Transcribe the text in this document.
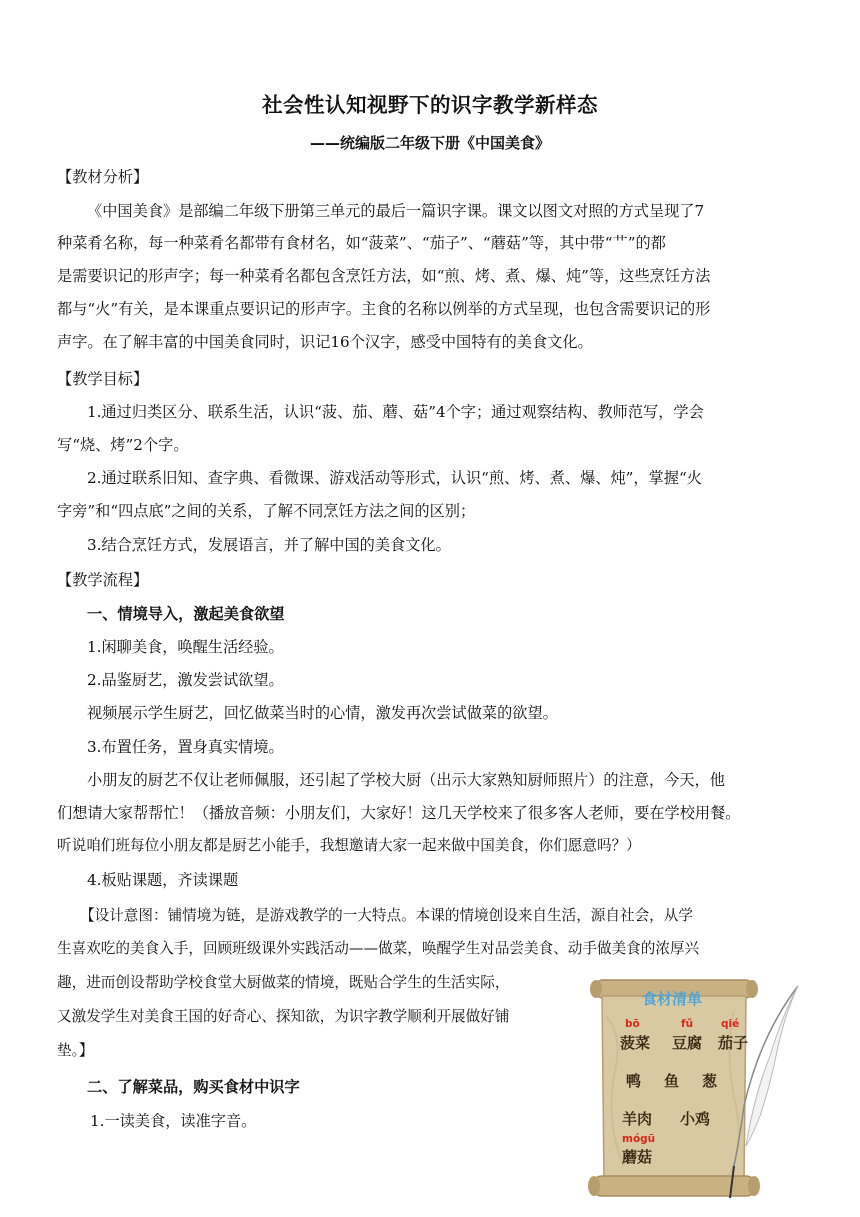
社会性认知视野下的识字教学新样态
——统编版二年级下册《中国美食》
【教材分析】
《中国美食》是部编二年级下册第三单元的最后一篇识字课。课文以图文对照的方式呈现了7
种菜肴名称，每一种菜肴名都带有食材名，如“菠菜”、“茄子”、“蘑菇”等，其中带“艹”的都
是需要识记的形声字；每一种菜肴名都包含烹饪方法，如“煎、烤、煮、爆、炖”等，这些烹饪方法
都与“火”有关，是本课重点要识记的形声字。主食的名称以例举的方式呈现，也包含需要识记的形
声字。在了解丰富的中国美食同时，识记16个汉字，感受中国特有的美食文化。
【教学目标】
1.通过归类区分、联系生活，认识“菠、茄、蘑、菇”4个字；通过观察结构、教师范写，学会
写“烧、烤”2个字。
2.通过联系旧知、查字典、看微课、游戏活动等形式，认识“煎、烤、煮、爆、炖”，掌握“火
字旁”和“四点底”之间的关系，了解不同烹饪方法之间的区别；
3.结合烹饪方式，发展语言，并了解中国的美食文化。
【教学流程】
一、情境导入，激起美食欲望
1.闲聊美食，唤醒生活经验。
2.品鉴厨艺，激发尝试欲望。
视频展示学生厨艺，回忆做菜当时的心情，激发再次尝试做菜的欲望。
3.布置任务，置身真实情境。
小朋友的厨艺不仅让老师佩服，还引起了学校大厨（出示大家熟知厨师照片）的注意，今天，他
们想请大家帮帮忙！（播放音频：小朋友们，大家好！这几天学校来了很多客人老师，要在学校用餐。
听说咱们班每位小朋友都是厨艺小能手，我想邀请大家一起来做中国美食，你们愿意吗？）
4.板贴课题，齐读课题
【设计意图：铺情境为链，是游戏教学的一大特点。本课的情境创设来自生活，源自社会，从学
生喜欢吃的美食入手，回顾班级课外实践活动——做菜，唤醒学生对品尝美食、动手做美食的浓厚兴
趣，进而创设帮助学校食堂大厨做菜的情境，既贴合学生的生活实际，
又激发学生对美食王国的好奇心、探知欲，为识字教学顺利开展做好铺
垫。】
二、了解菜品，购买食材中识字
1.一读美食，读准字音。
食材清单
bō	fǔ	qié
菠菜 豆腐 茄子
鸭 鱼 葱
羊肉 小鸡
mógū
蘑菇
